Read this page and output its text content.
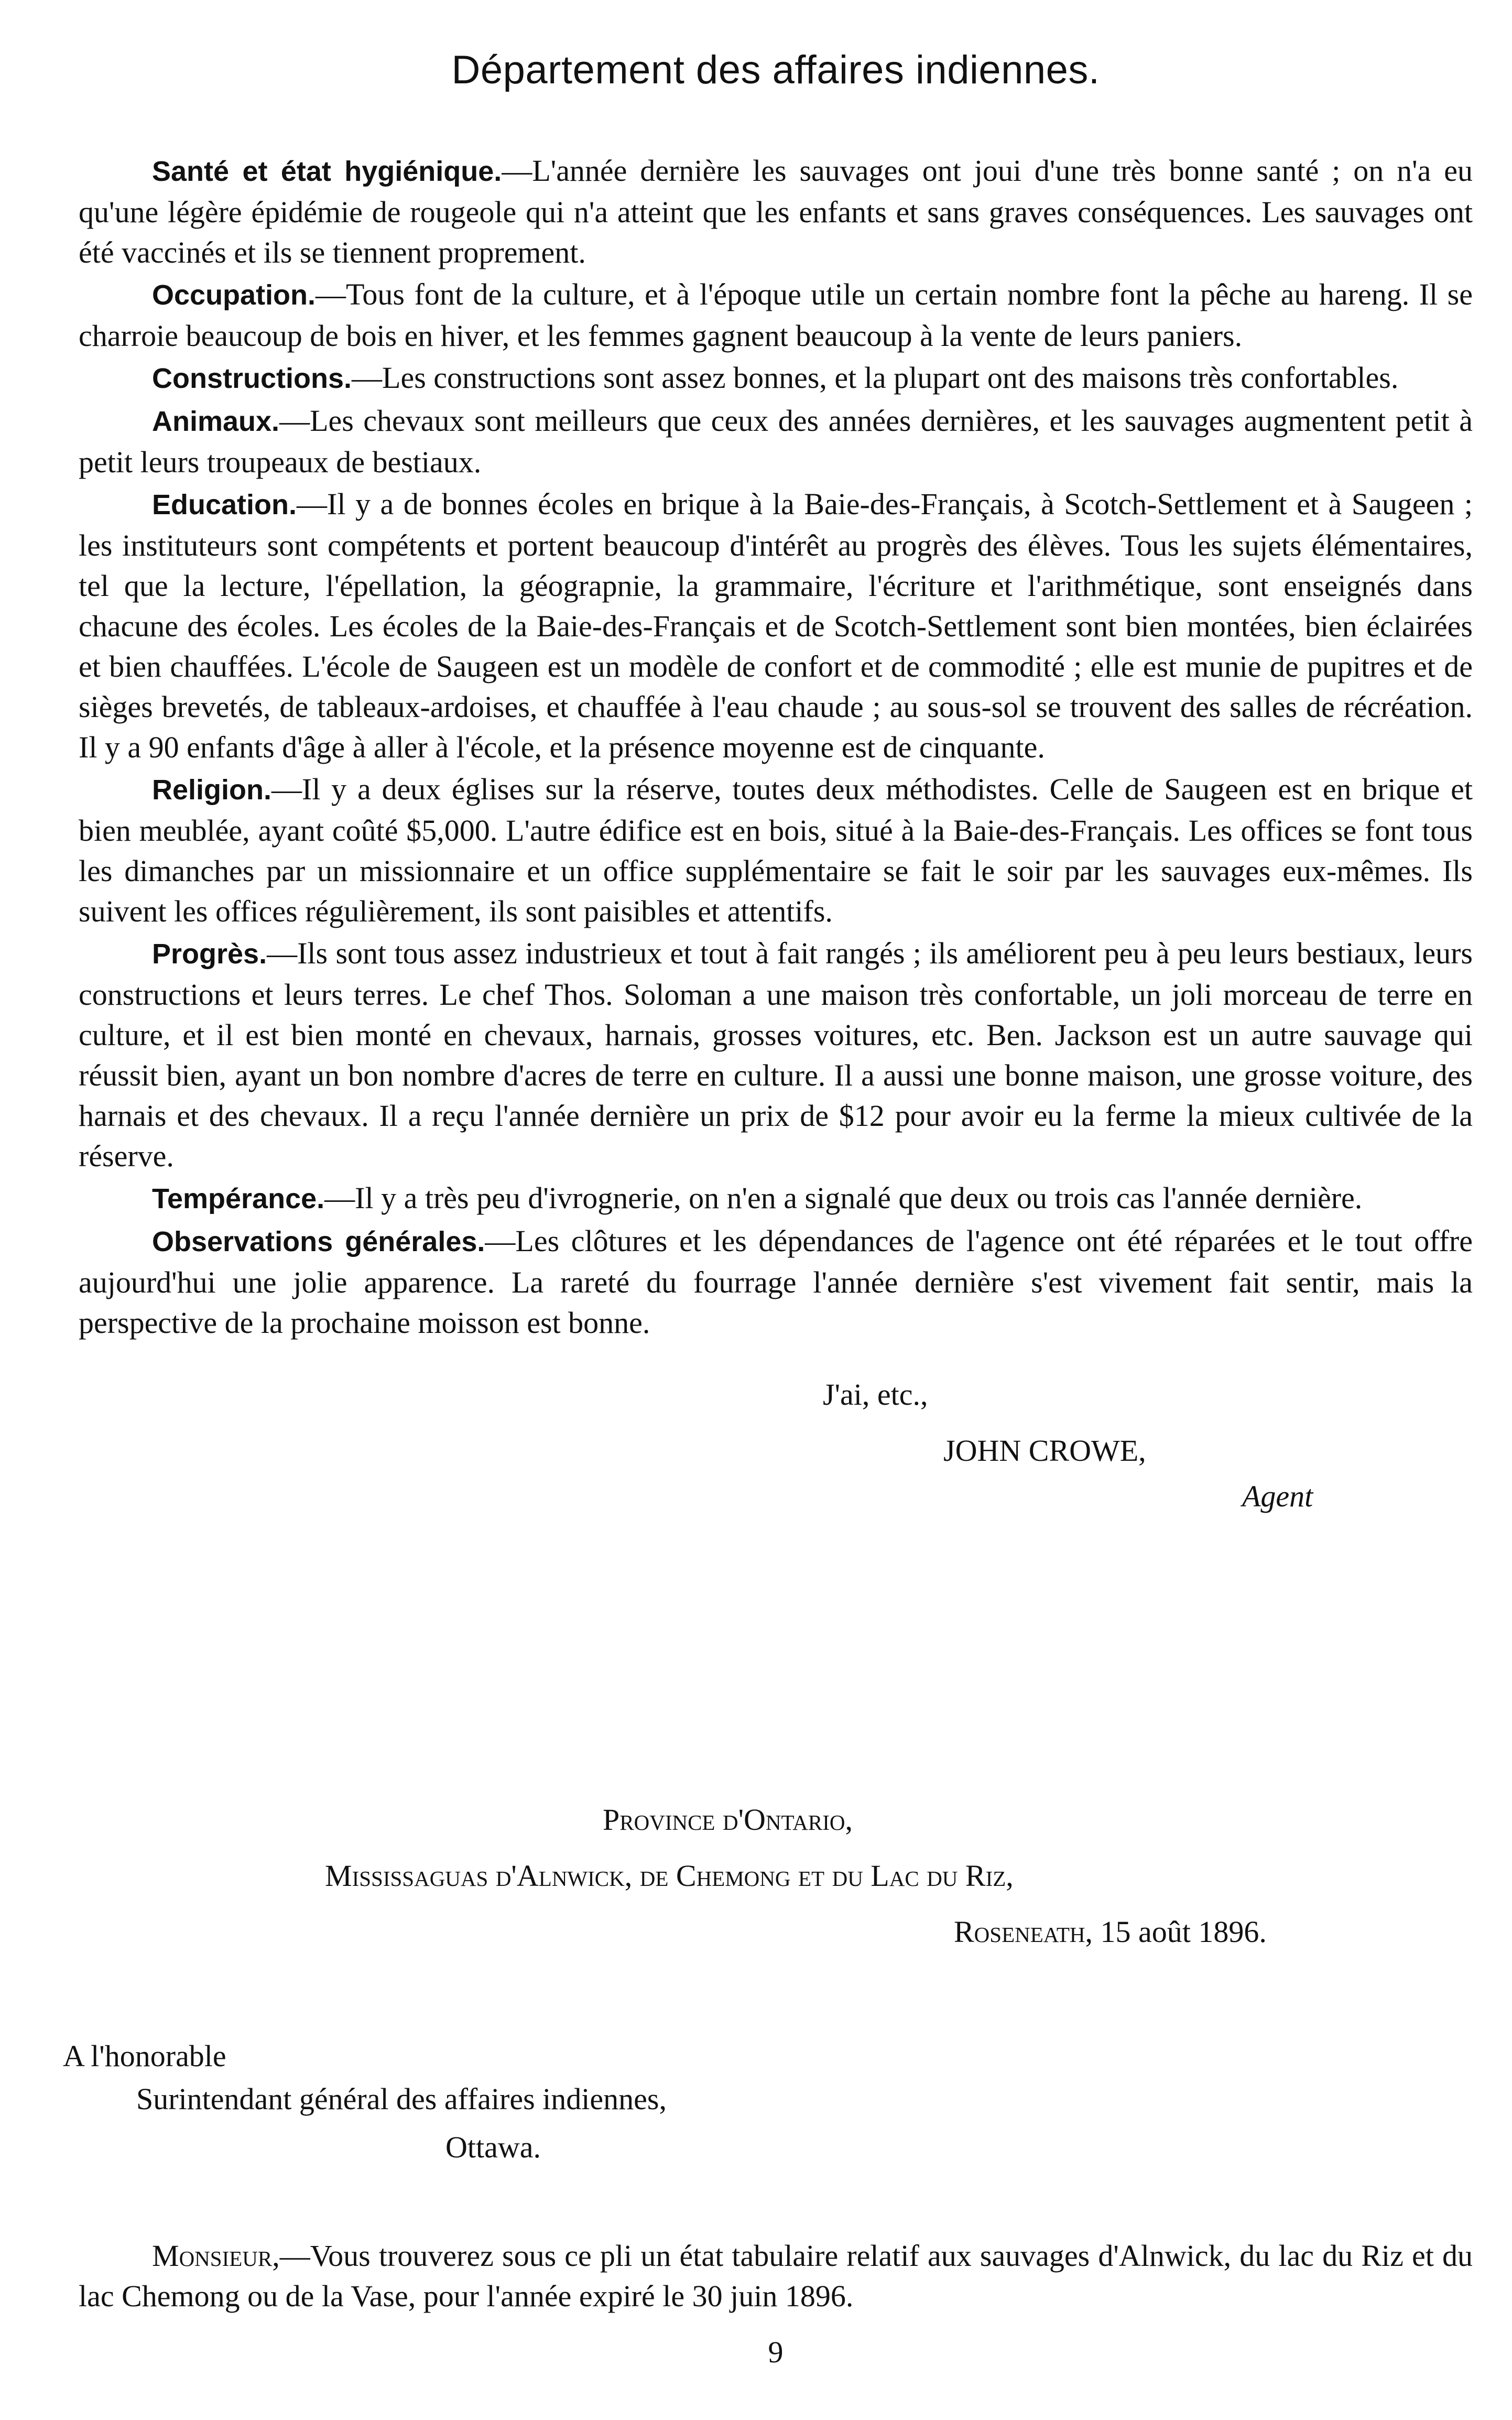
Département des affaires indiennes.

Santé et état hygiénique.—L'année dernière les sauvages ont joui d'une très bonne santé ; on n'a eu qu'une légère épidémie de rougeole qui n'a atteint que les enfants et sans graves conséquences. Les sauvages ont été vaccinés et ils se tiennent proprement.

Occupation.—Tous font de la culture, et à l'époque utile un certain nombre font la pêche au hareng. Il se charroie beaucoup de bois en hiver, et les femmes gagnent beaucoup à la vente de leurs paniers.

Constructions.—Les constructions sont assez bonnes, et la plupart ont des maisons très confortables.

Animaux.—Les chevaux sont meilleurs que ceux des années dernières, et les sauvages augmentent petit à petit leurs troupeaux de bestiaux.

Education.—Il y a de bonnes écoles en brique à la Baie-des-Français, à Scotch-Settlement et à Saugeen ; les instituteurs sont compétents et portent beaucoup d'intérêt au progrès des élèves. Tous les sujets élémentaires, tel que la lecture, l'épellation, la géograpnie, la grammaire, l'écriture et l'arithmétique, sont enseignés dans chacune des écoles. Les écoles de la Baie-des-Français et de Scotch-Settlement sont bien montées, bien éclairées et bien chauffées. L'école de Saugeen est un modèle de confort et de commodité ; elle est munie de pupitres et de sièges brevetés, de tableaux-ardoises, et chauffée à l'eau chaude ; au sous-sol se trouvent des salles de récréation. Il y a 90 enfants d'âge à aller à l'école, et la présence moyenne est de cinquante.

Religion.—Il y a deux églises sur la réserve, toutes deux méthodistes. Celle de Saugeen est en brique et bien meublée, ayant coûté $5,000. L'autre édifice est en bois, situé à la Baie-des-Français. Les offices se font tous les dimanches par un missionnaire et un office supplémentaire se fait le soir par les sauvages eux-mêmes. Ils suivent les offices régulièrement, ils sont paisibles et attentifs.

Progrès.—Ils sont tous assez industrieux et tout à fait rangés ; ils améliorent peu à peu leurs bestiaux, leurs constructions et leurs terres. Le chef Thos. Soloman a une maison très confortable, un joli morceau de terre en culture, et il est bien monté en chevaux, harnais, grosses voitures, etc. Ben. Jackson est un autre sauvage qui réussit bien, ayant un bon nombre d'acres de terre en culture. Il a aussi une bonne maison, une grosse voiture, des harnais et des chevaux. Il a reçu l'année dernière un prix de $12 pour avoir eu la ferme la mieux cultivée de la réserve.

Tempérance.—Il y a très peu d'ivrognerie, on n'en a signalé que deux ou trois cas l'année dernière.

Observations générales.—Les clôtures et les dépendances de l'agence ont été réparées et le tout offre aujourd'hui une jolie apparence. La rareté du fourrage l'année dernière s'est vivement fait sentir, mais la perspective de la prochaine moisson est bonne.

J'ai, etc.,
JOHN CROWE,
Agent
Province d'Ontario,
Mississaguas d'Alnwick, de Chemong et du Lac du Riz,
Roseneath, 15 août 1896.
A l'honorable
Surintendant général des affaires indiennes,
Ottawa.

Monsieur,—Vous trouverez sous ce pli un état tabulaire relatif aux sauvages d'Alnwick, du lac du Riz et du lac Chemong ou de la Vase, pour l'année expiré le 30 juin 1896.

9
